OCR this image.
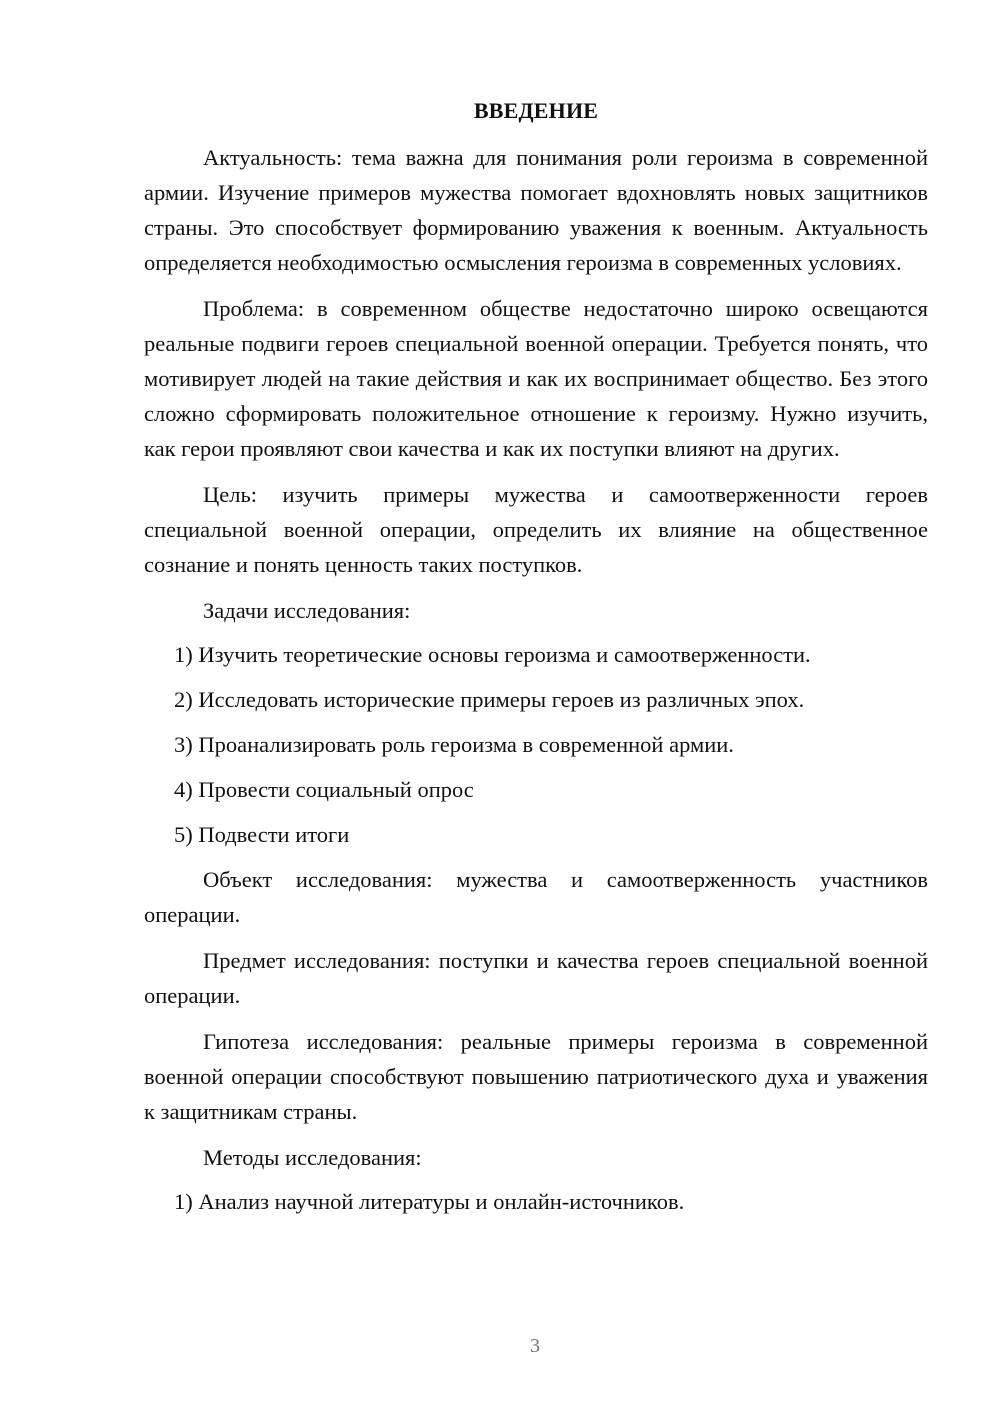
ВВЕДЕНИЕ

Актуальность: тема важна для понимания роли героизма в современной армии. Изучение примеров мужества помогает вдохновлять новых защитников страны. Это способствует формированию уважения к военным. Актуальность определяется необходимостью осмысления героизма в современных условиях.

Проблема: в современном обществе недостаточно широко освещаются реальные подвиги героев специальной военной операции. Требуется понять, что мотивирует людей на такие действия и как их воспринимает общество. Без этого сложно сформировать положительное отношение к героизму. Нужно изучить, как герои проявляют свои качества и как их поступки влияют на других.

Цель: изучить примеры мужества и самоотверженности героев специальной военной операции, определить их влияние на общественное сознание и понять ценность таких поступков.

Задачи исследования:

1) Изучить теоретические основы героизма и самоотверженности.
2) Исследовать исторические примеры героев из различных эпох.
3) Проанализировать роль героизма в современной армии.
4) Провести социальный опрос
5) Подвести итоги

Объект исследования: мужества и самоотверженность участников операции.

Предмет исследования: поступки и качества героев специальной военной операции.

Гипотеза исследования: реальные примеры героизма в современной военной операции способствуют повышению патриотического духа и уважения к защитникам страны.

Методы исследования:

1) Анализ научной литературы и онлайн-источников.
3
